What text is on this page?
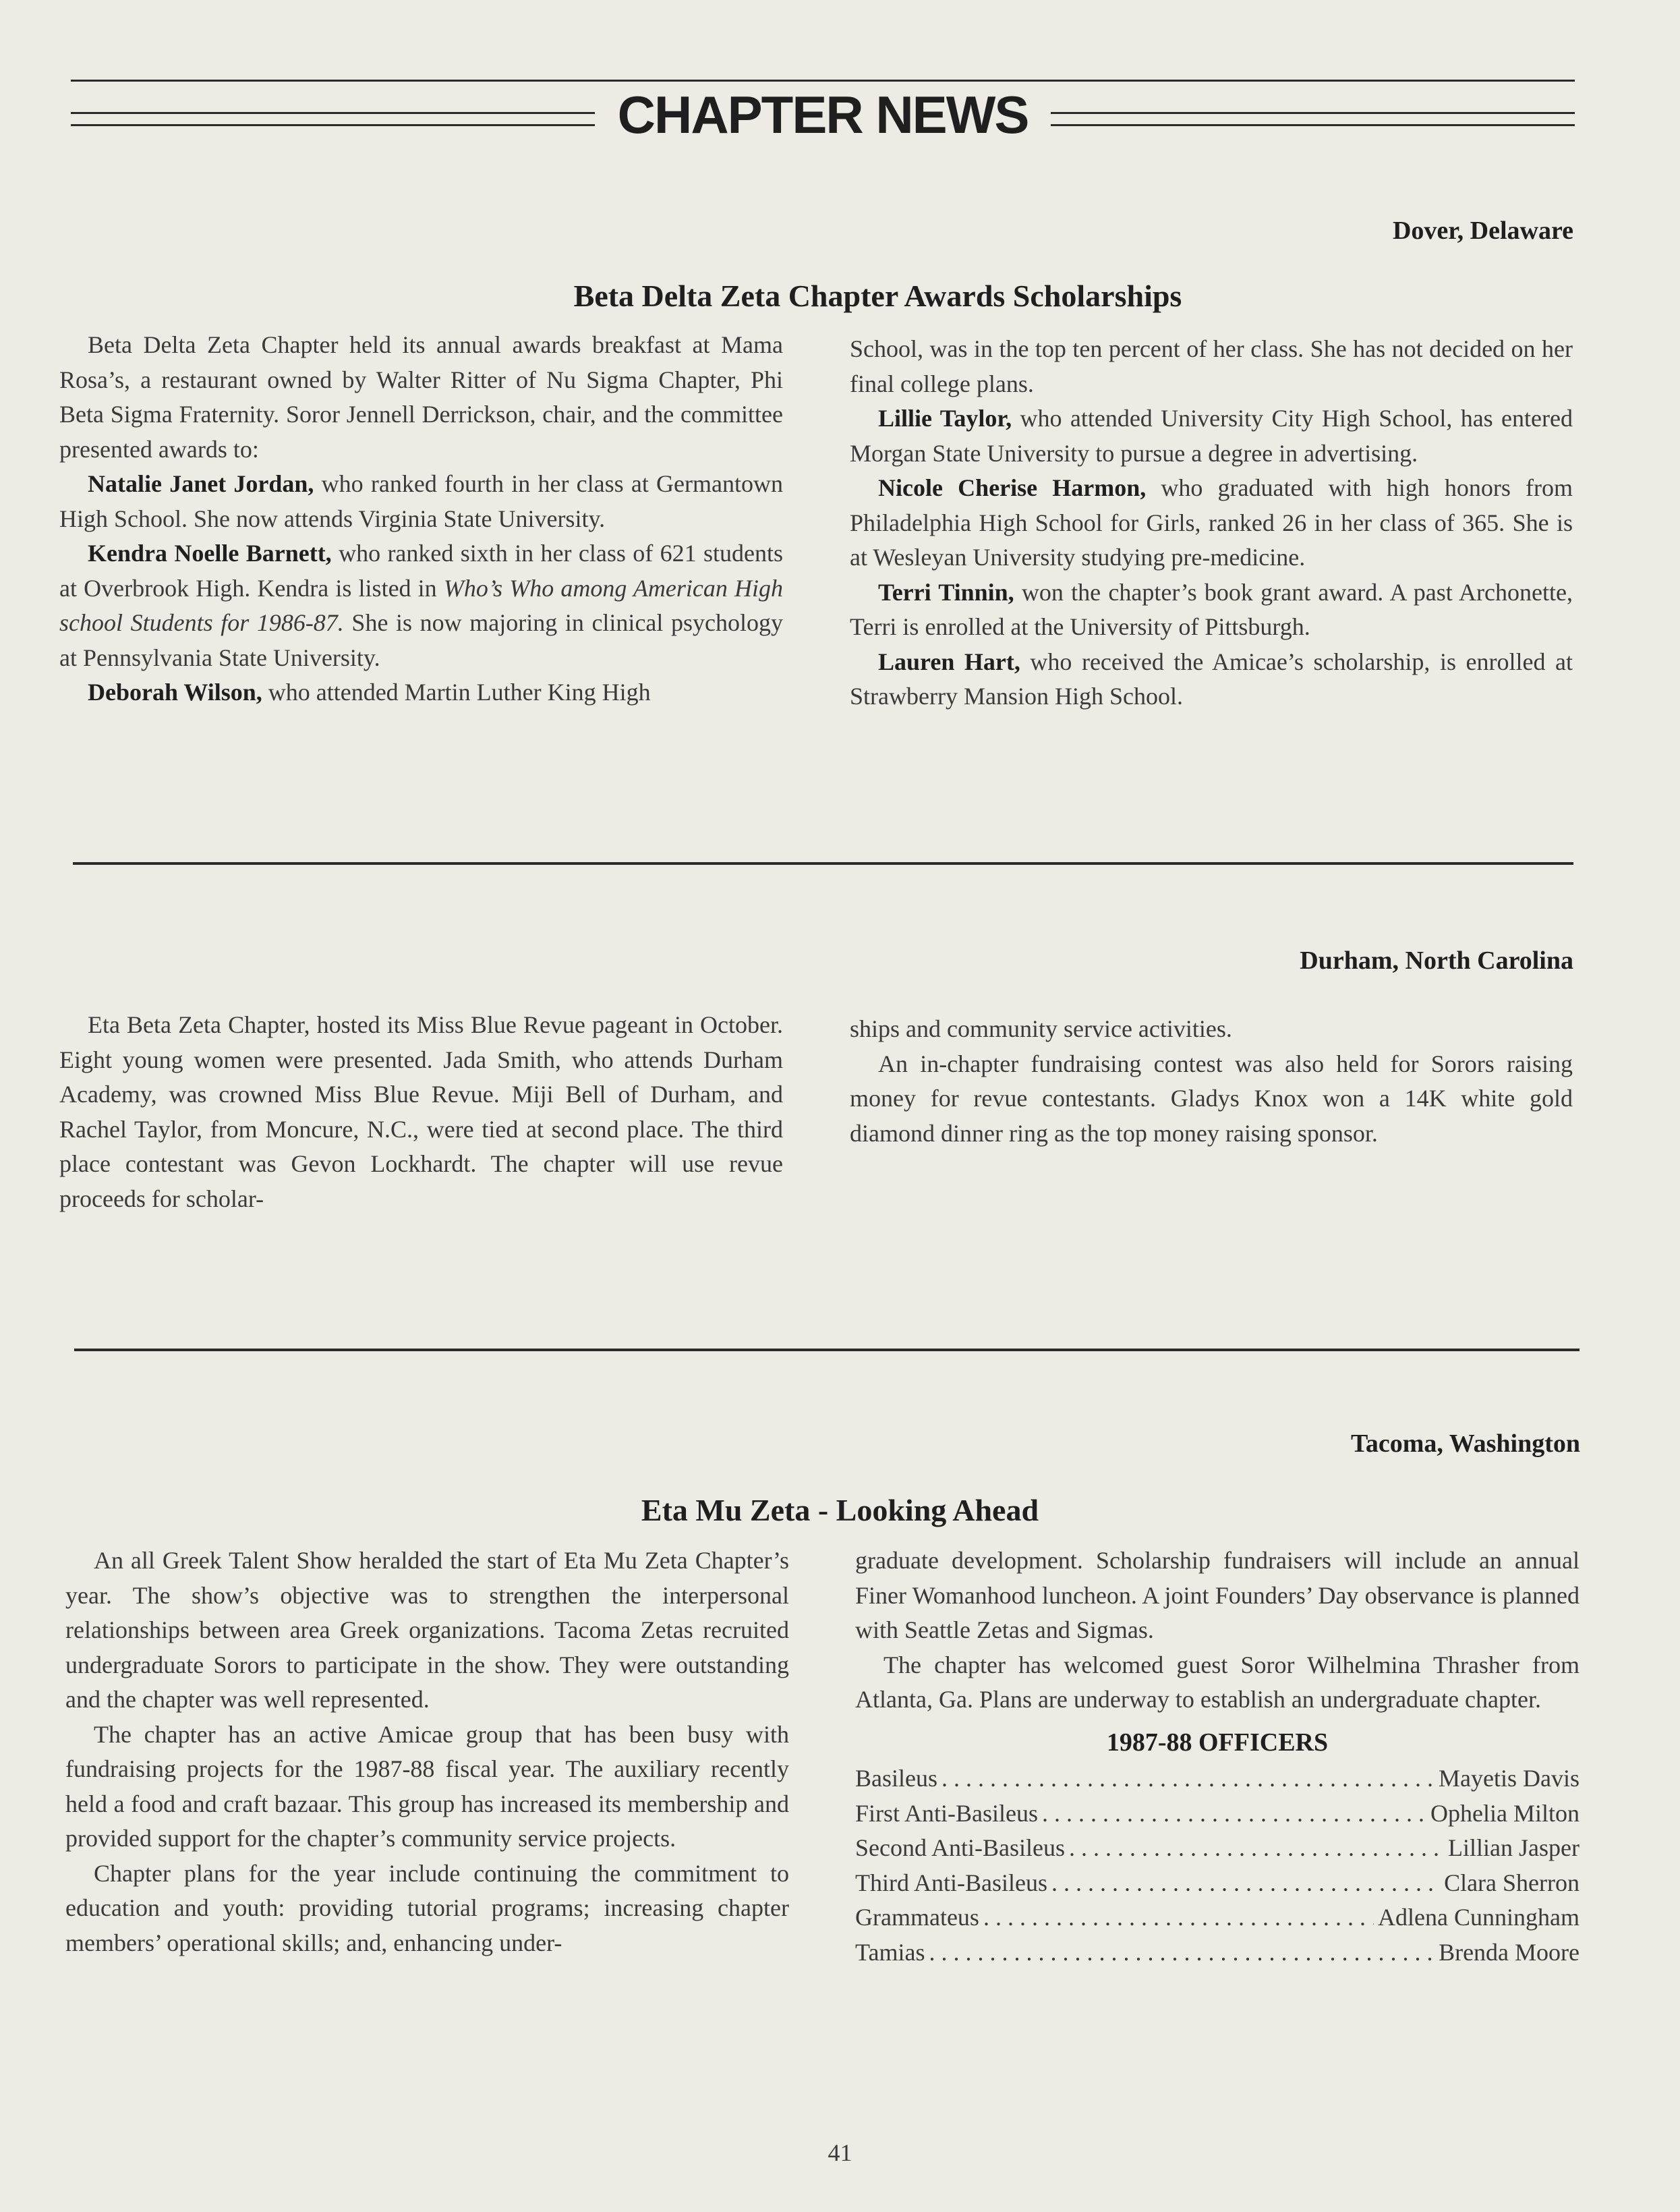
CHAPTER NEWS
Dover, Delaware
Beta Delta Zeta Chapter Awards Scholarships

Beta Delta Zeta Chapter held its annual awards breakfast at Mama Rosa’s, a restaurant owned by Walter Ritter of Nu Sigma Chapter, Phi Beta Sigma Fraternity. Soror Jennell Derrickson, chair, and the committee presented awards to:

Natalie Janet Jordan, who ranked fourth in her class at Germantown High School. She now attends Virginia State University.

Kendra Noelle Barnett, who ranked sixth in her class of 621 students at Overbrook High. Kendra is listed in Who’s Who among American High school Students for 1986-87. She is now majoring in clinical psychology at Pennsylvania State University.

Deborah Wilson, who attended Martin Luther King High

School, was in the top ten percent of her class. She has not decided on her final college plans.

Lillie Taylor, who attended University City High School, has entered Morgan State University to pursue a degree in advertising.

Nicole Cherise Harmon, who graduated with high honors from Philadelphia High School for Girls, ranked 26 in her class of 365. She is at Wesleyan University studying pre-medicine.

Terri Tinnin, won the chapter’s book grant award. A past Archonette, Terri is enrolled at the University of Pittsburgh.

Lauren Hart, who received the Amicae’s scholarship, is enrolled at Strawberry Mansion High School.

Durham, North Carolina

Eta Beta Zeta Chapter, hosted its Miss Blue Revue pageant in October. Eight young women were presented. Jada Smith, who attends Durham Academy, was crowned Miss Blue Revue. Miji Bell of Durham, and Rachel Taylor, from Moncure, N.C., were tied at second place. The third place contestant was Gevon Lockhardt. The chapter will use revue proceeds for scholar-

ships and community service activities.

An in-chapter fundraising contest was also held for Sorors raising money for revue contestants. Gladys Knox won a 14K white gold diamond dinner ring as the top money raising sponsor.

Tacoma, Washington
Eta Mu Zeta - Looking Ahead

An all Greek Talent Show heralded the start of Eta Mu Zeta Chapter’s year. The show’s objective was to strengthen the interpersonal relationships between area Greek organizations. Tacoma Zetas recruited undergraduate Sorors to participate in the show. They were outstanding and the chapter was well represented.

The chapter has an active Amicae group that has been busy with fundraising projects for the 1987-88 fiscal year. The auxiliary recently held a food and craft bazaar. This group has increased its membership and provided support for the chapter’s community service projects.

Chapter plans for the year include continuing the commitment to education and youth: providing tutorial programs; increasing chapter members’ operational skills; and, enhancing under-

graduate development. Scholarship fundraisers will include an annual Finer Womanhood luncheon. A joint Founders’ Day observance is planned with Seattle Zetas and Sigmas.

The chapter has welcomed guest Soror Wilhelmina Thrasher from Atlanta, Ga. Plans are underway to establish an undergraduate chapter.

1987-88 OFFICERS
Basileus . . .	Mayetis Davis
First Anti-Basileus . . .	Ophelia Milton
Second Anti-Basileus . . .	Lillian Jasper
Third Anti-Basileus . . .	Clara Sherron
Grammateus . . .	Adlena Cunningham
Tamias . . .	Brenda Moore
41
